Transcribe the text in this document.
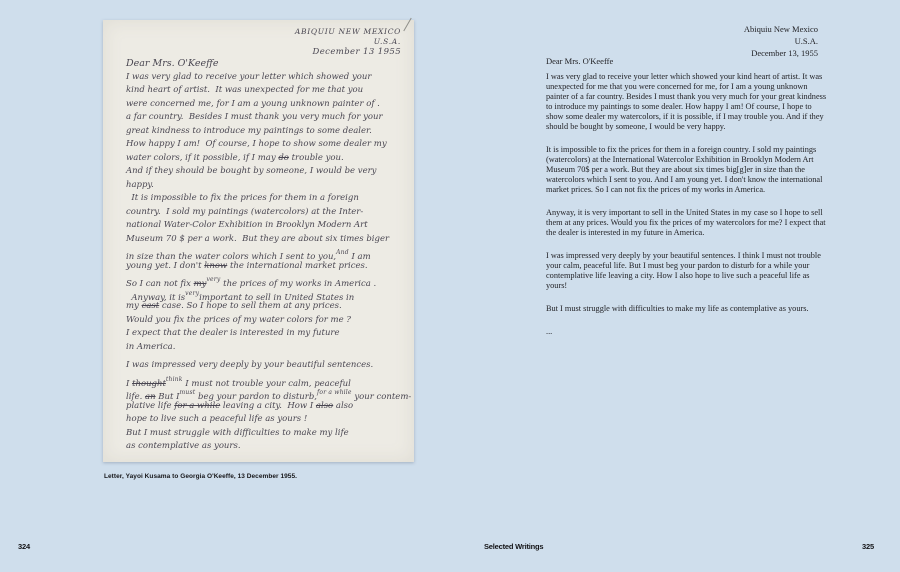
ABIQUIU NEW MEXICO
U.S.A.
December 13 1955
Dear Mrs. O'Keeffe
I was very glad to receive your letter which showed your
kind heart of artist.  It was unexpected for me that you
were concerned me, for I am a young unknown painter of .
a far country.  Besides I must thank you very much for your
great kindness to introduce my paintings to some dealer.
How happy I am!  Of course, I hope to show some dealer my
water colors, if it possible, if I may do trouble you.
And if they should be bought by someone, I would be very
happy.
It is impossible to fix the prices for them in a foreign
country.  I sold my paintings (watercolors) at the Inter-
national Water-Color Exhibition in Brooklyn Modern Art
Museum 70 $ per a work.  But they are about six times biger
in size than the water colors which I sent to you,$^{And}$ I am
young yet. I don't know the international market prices.
So I can not fix $my^{very}$ the prices of my works in America .
Anyway, it $is^{very}important$ to sell in United States in
my cast case. So I hope to sell them at any prices.
Would you fix the prices of my water colors for me ?
I expect that the dealer is interested in my future
in America.
I was impressed very deeply by your beautiful sentences.
I thought$^{think}$ I must not trouble your calm, peaceful
life. an But $I^{must}$ beg your pardon to disturb,$^{for a while}$ your contem-
plative life for a while leaving a city.  How I also also
hope to live such a peaceful life as yours !
But I must struggle with difficulties to make my life
as contemplative as yours.
Letter, Yayoi Kusama to Georgia O'Keeffe, 13 December 1955.
Abiquiu New Mexico
U.S.A.
December 13, 1955
Dear Mrs. O'Keeffe

I was very glad to receive your letter which showed your kind heart of artist. It was unexpected for me that you were concerned for me, for I am a young unknown painter of a far country. Besides I must thank you very much for your great kindness to introduce my paintings to some dealer. How happy I am! Of course, I hope to show some dealer my watercolors, if it is possible, if I may trouble you. And if they should be bought by someone, I would be very happy.

It is impossible to fix the prices for them in a foreign country. I sold my paintings (watercolors) at the International Watercolor Exhibition in Brooklyn Modern Art Museum 70$ per a work. But they are about six times big[g]er in size than the watercolors which I sent to you. And I am young yet. I don't know the international market prices. So I can not fix the prices of my works in America.

Anyway, it is very important to sell in the United States in my case so I hope to sell them at any prices. Would you fix the prices of my watercolors for me? I expect that the dealer is interested in my future in America.

I was impressed very deeply by your beautiful sentences. I think I must not trouble your calm, peaceful life. But I must beg your pardon to disturb for a while your contemplative life leaving a city. How I also hope to live such a peaceful life as yours!

But I must struggle with difficulties to make my life as contemplative as yours.

...
324	Selected Writings	325
